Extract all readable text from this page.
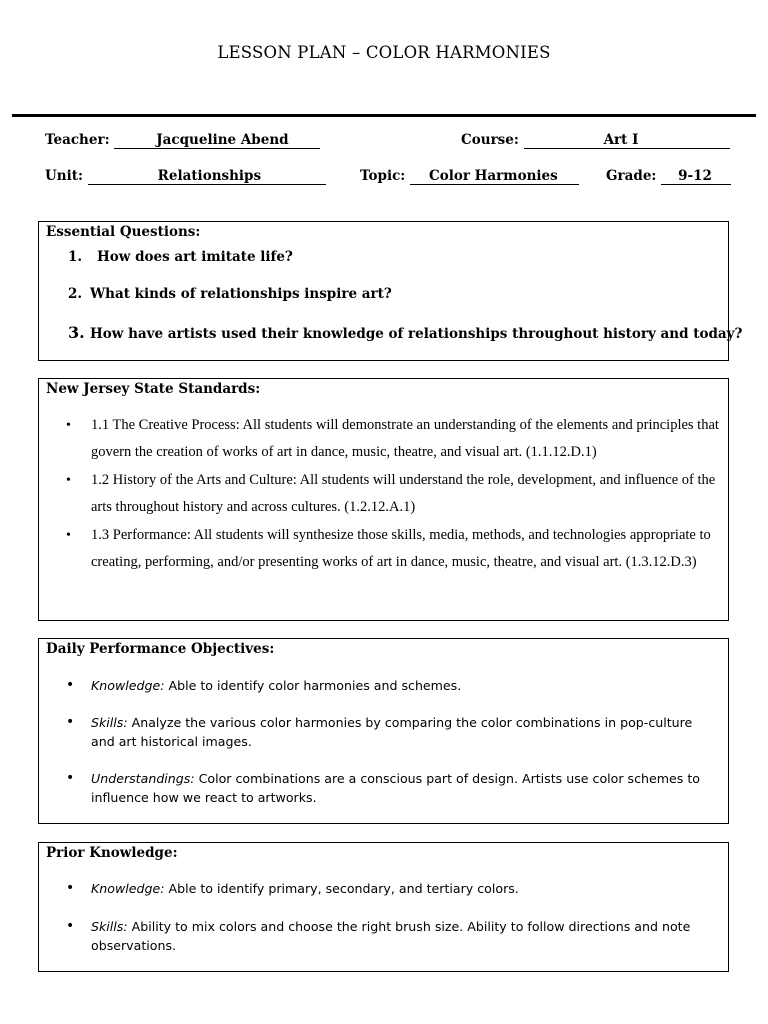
LESSON PLAN – COLOR HARMONIES
Teacher:	Jacqueline Abend	Course:	Art I
Unit:	Relationships	Topic: Color Harmonies	Grade: 9-12
Essential Questions:
1. How does art imitate life?
2. What kinds of relationships inspire art?
3. How have artists used their knowledge of relationships throughout history and today?
New Jersey State Standards:
• 1.1 The Creative Process: All students will demonstrate an understanding of the elements and principles that govern the creation of works of art in dance, music, theatre, and visual art. (1.1.12.D.1)
• 1.2 History of the Arts and Culture: All students will understand the role, development, and influence of the arts throughout history and across cultures. (1.2.12.A.1)
• 1.3 Performance: All students will synthesize those skills, media, methods, and technologies appropriate to creating, performing, and/or presenting works of art in dance, music, theatre, and visual art. (1.3.12.D.3)
Daily Performance Objectives:
• Knowledge: Able to identify color harmonies and schemes.
• Skills: Analyze the various color harmonies by comparing the color combinations in pop-culture and art historical images.
• Understandings: Color combinations are a conscious part of design. Artists use color schemes to influence how we react to artworks.
Prior Knowledge:
• Knowledge: Able to identify primary, secondary, and tertiary colors.
• Skills: Ability to mix colors and choose the right brush size. Ability to follow directions and note observations.
